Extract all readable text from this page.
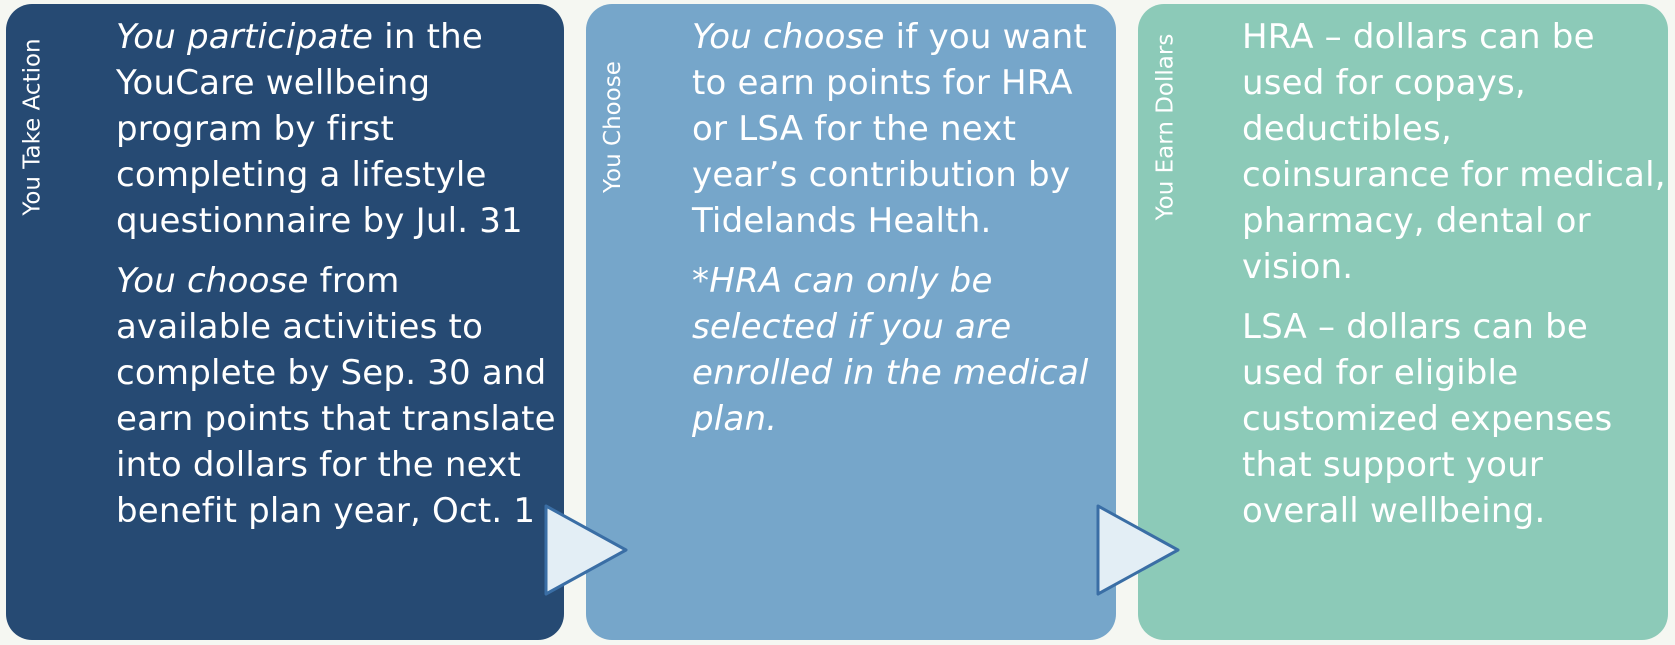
You Take Action

You participate in the YouCare wellbeing program by first completing a lifestyle questionnaire by Jul. 31

You choose from available activities to complete by Sep. 30 and earn points that translate into dollars for the next benefit plan year, Oct. 1

You Choose

You choose if you want to earn points for HRA or LSA for the next year’s contribution by Tidelands Health.

*HRA can only be selected if you are enrolled in the medical plan.

You Earn Dollars HRA – dollars can be used for copays, deductibles, coinsurance for medical, pharmacy, dental or vision.

LSA – dollars can be used for eligible customized expenses that support your overall wellbeing.
